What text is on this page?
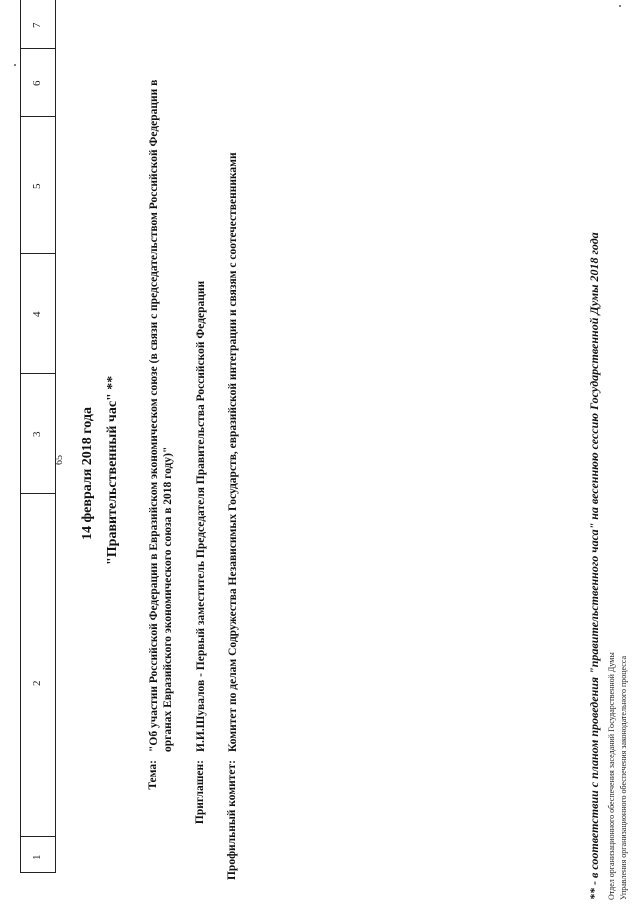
1
2
3
4
5
6
7
65 14 февраля 2018 года "Правительственный час" **
Тема:
"Об участии Российской Федерации в Евразийском экономическом союзе (в связи с председательством Российской Федерации в органах Евразийского экономического союза в 2018 году)"
Приглашен:
И.И.Шувалов - Первый заместитель Председателя Правительства Российской Федерации
Профильный комитет:
Комитет по делам Содружества Независимых Государств, евразийской интеграции и связям с соотечественниками	** - в соответствии с планом проведения "правительственного часа" на весеннюю сессию Государственной Думы 2018 года Отдел организационного обеспечения заседаний Государственной Думы Управления организационного обеспечения законодательного процесса
